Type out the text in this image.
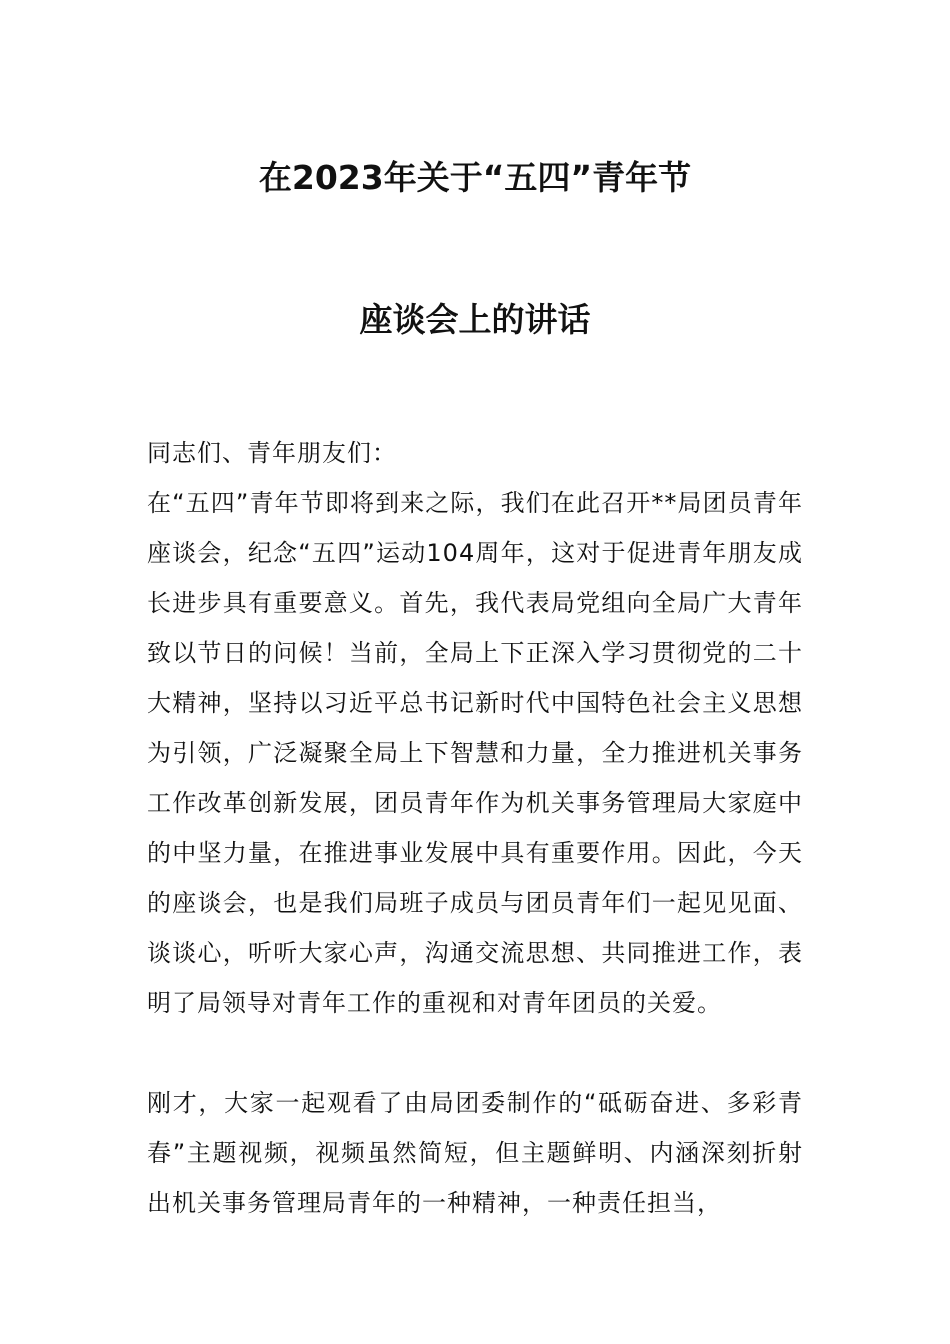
在2023年关于“五四”青年节
座谈会上的讲话
同志们、青年朋友们：
在“五四”青年节即将到来之际，我们在此召开**局团员青年座谈会，纪念“五四”运动104周年，这对于促进青年朋友成长进步具有重要意义。首先，我代表局党组向全局广大青年致以节日的问候！当前，全局上下正深入学习贯彻党的二十大精神，坚持以习近平总书记新时代中国特色社会主义思想为引领，广泛凝聚全局上下智慧和力量，全力推进机关事务工作改革创新发展，团员青年作为机关事务管理局大家庭中的中坚力量，在推进事业发展中具有重要作用。因此，今天的座谈会，也是我们局班子成员与团员青年们一起见见面、谈谈心，听听大家心声，沟通交流思想、共同推进工作，表明了局领导对青年工作的重视和对青年团员的关爱。
刚才，大家一起观看了由局团委制作的“砥砺奋进、多彩青春”主题视频，视频虽然简短，但主题鲜明、内涵深刻折射出机关事务管理局青年的一种精神，一种责任担当，
